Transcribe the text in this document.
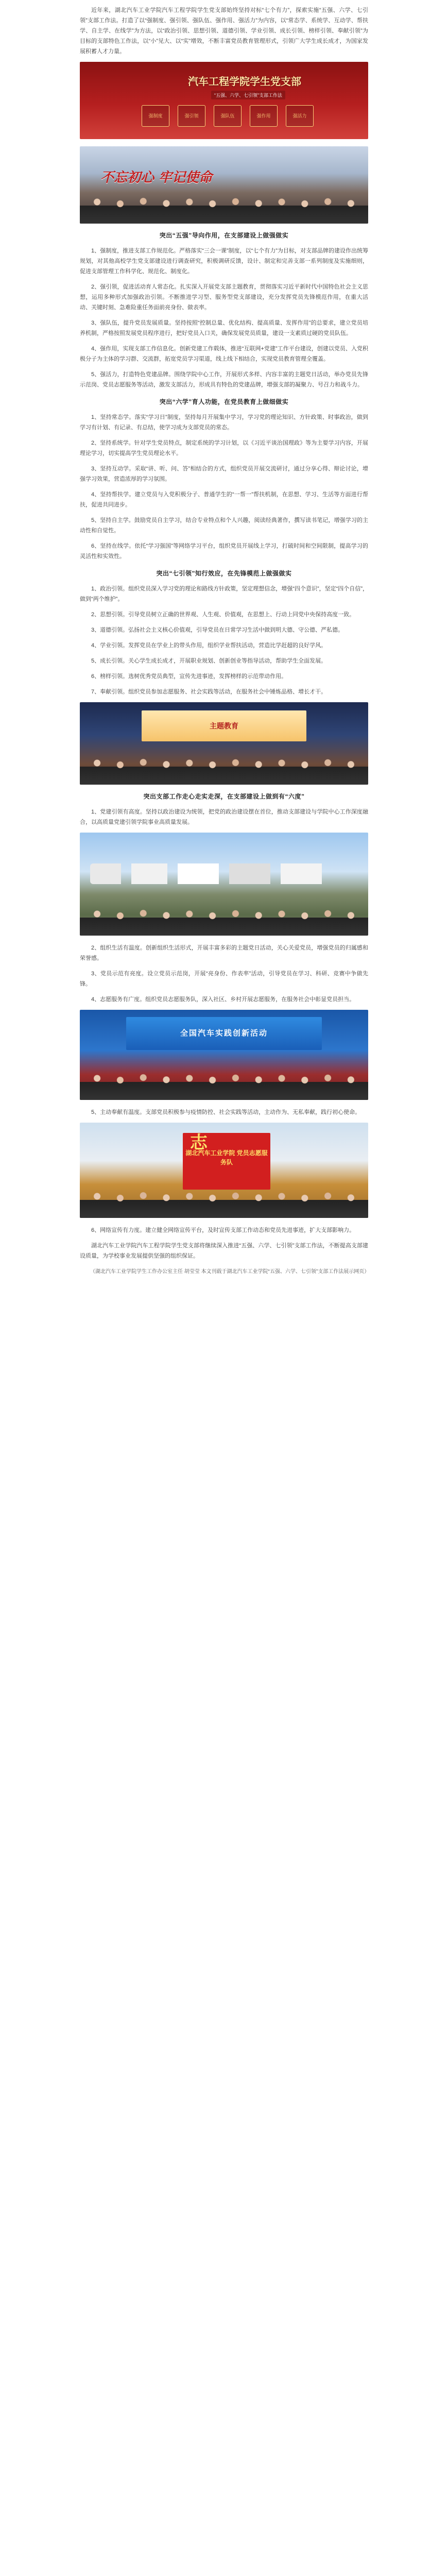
近年来，湖北汽车工业学院汽车工程学院学生党支部始终坚持对标“七个有力”，探索实施“五强、六学、七引领”支部工作法。打造了以“强制度、强引领、强队伍、强作用、强活力”为内容，以“常态学、系统学、互动学、帮扶学、自主学、在线学”为方法，以“政治引领、思想引领、道德引领、学业引领、成长引领、榜样引领、奉献引领”为目标的支部特色工作法，以“小”见大、以“实”增效，不断丰富党员教育管理形式，引领广大学生成长成才，为国家发展积蓄人才力量。

汽车工程学院学生党支部
“五强、六学、七引领”支部工作法
强制度	强引领	强队伍	强作用	强活力
不忘初心 牢记使命
突出“五强”导向作用，在支部建设上做强做实

1、强制度，推进支部工作规范化。严格落实“三会一课”制度，以“七个有力”为目标，对支部品牌的建设作出统筹规划，对其他高校学生党支部建设进行调查研究，积极调研反馈，设计、制定和完善支部一系列制度及实施细则，促进支部管理工作科学化、规范化、制度化。

2、强引领，促进活动育人常态化。扎实深入开展党支部主题教育，贯彻落实习近平新时代中国特色社会主义思想，运用多种形式加强政治引领。不断推进学习型、服务型党支部建设，充分发挥党员先锋模范作用，在重大活动、关键时刻、急难险重任务面前亮身份、做表率。

3、强队伍，提升党员发展质量。坚持按照“控制总量、优化结构、提高质量、发挥作用”的总要求，建立党员培养机制，严格按照发展党员程序进行，把好党员入口关，确保发展党员质量，建设一支素质过硬的党员队伍。

4、强作用，实现支部工作信息化。创新党建工作载体，推进“互联网+党建”工作平台建设，创建以党员、入党积极分子为主体的学习群、交流群，拓宽党员学习渠道，线上线下相结合，实现党员教育管理全覆盖。

5、强活力，打造特色党建品牌。围绕学院中心工作，开展形式多样、内容丰富的主题党日活动，举办党员先锋示范岗、党员志愿服务等活动，激发支部活力，形成具有特色的党建品牌，增强支部的凝聚力、号召力和战斗力。

突出“六学”育人功能，在党员教育上做细做实

1、坚持常态学。落实“学习日”制度，坚持每月开展集中学习，学习党的理论知识、方针政策、时事政治，做到学习有计划、有记录、有总结，使学习成为支部党员的常态。

2、坚持系统学。针对学生党员特点，制定系统的学习计划，以《习近平谈治国理政》等为主要学习内容，开展理论学习，切实提高学生党员理论水平。

3、坚持互动学。采取“讲、听、问、答”相结合的方式，组织党员开展交流研讨，通过分享心得、辩论讨论，增强学习效果，营造浓厚的学习氛围。

4、坚持帮扶学。建立党员与入党积极分子、普通学生的“一帮一”帮扶机制，在思想、学习、生活等方面进行帮扶，促进共同进步。

5、坚持自主学。鼓励党员自主学习，结合专业特点和个人兴趣，阅读经典著作，撰写读书笔记，增强学习的主动性和自觉性。

6、坚持在线学。依托“学习强国”等网络学习平台，组织党员开展线上学习，打破时间和空间限制，提高学习的灵活性和实效性。

突出“七引领”知行效应，在先锋模范上做强做实

1、政治引领。组织党员深入学习党的理论和路线方针政策，坚定理想信念，增强“四个意识”，坚定“四个自信”，做到“两个维护”。

2、思想引领。引导党员树立正确的世界观、人生观、价值观，在思想上、行动上同党中央保持高度一致。

3、道德引领。弘扬社会主义核心价值观，引导党员在日常学习生活中做到明大德、守公德、严私德。

4、学业引领。发挥党员在学业上的带头作用，组织学业帮扶活动，营造比学赶超的良好学风。

5、成长引领。关心学生成长成才，开展职业规划、创新创业等指导活动，帮助学生全面发展。

6、榜样引领。选树优秀党员典型，宣传先进事迹，发挥榜样的示范带动作用。

7、奉献引领。组织党员参加志愿服务、社会实践等活动，在服务社会中锤炼品格、增长才干。

主题教育
突出支部工作走心走实走深，在支部建设上做到有“六度”

1、党建引领有高度。坚持以政治建设为统领，把党的政治建设摆在首位，推动支部建设与学院中心工作深度融合，以高质量党建引领学院事业高质量发展。

2、组织生活有温度。创新组织生活形式，开展丰富多彩的主题党日活动，关心关爱党员，增强党员的归属感和荣誉感。

3、党员示范有亮度。设立党员示范岗，开展“亮身份、作表率”活动，引导党员在学习、科研、竞赛中争做先锋。

4、志愿服务有广度。组织党员志愿服务队，深入社区、乡村开展志愿服务，在服务社会中彰显党员担当。

全国汽车实践创新活动

5、主动奉献有温度。支部党员积极参与疫情防控、社会实践等活动，主动作为、无私奉献，践行初心使命。

志
湖北汽车工业学院 党员志愿服务队

6、网络宣传有力度。建立健全网络宣传平台，及时宣传支部工作动态和党员先进事迹，扩大支部影响力。

湖北汽车工业学院汽车工程学院学生党支部将继续深入推进“五强、六学、七引领”支部工作法，不断提高支部建设质量，为学校事业发展提供坚强的组织保证。

（湖北汽车工业学院学生工作办公室主任 胡莹莹 本文刊载于湖北汽车工业学院“五强、六学、七引领”支部工作法展示网页）
